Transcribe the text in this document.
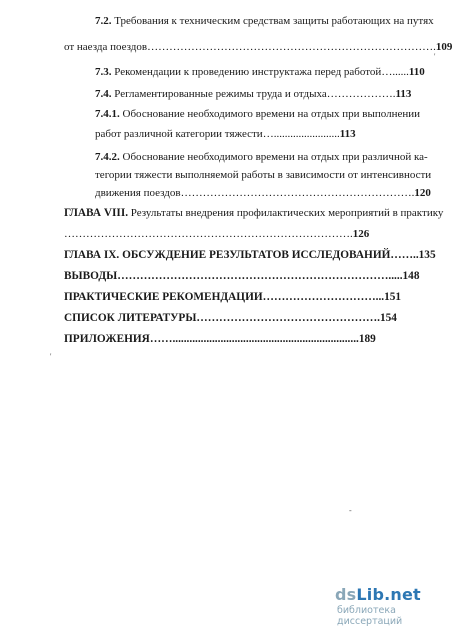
7.2. Требования к техническим средствам защиты работающих на путях
от наезда поездов…………………………………………………………………….109
7.3. Рекомендации к проведению инструктажа перед работой…......110
7.4. Регламентированные режимы труда и отдыха……………….113
7.4.1. Обоснование необходимого времени на отдых при выполнении
работ различной категории тяжести…........................113
7.4.2. Обоснование необходимого времени на отдых при различной ка-
тегории тяжести выполняемой работы в зависимости от интенсивности
движения поездов……………………………………………………….120
ГЛАВА VIII. Результаты внедрения профилактических мероприятий в практику
…………………………………………………………………….126
ГЛАВА IX. ОБСУЖДЕНИЕ РЕЗУЛЬТАТОВ ИССЛЕДОВАНИЙ……..135
ВЫВОДЫ……………………………………………………………….....148
ПРАКТИЧЕСКИЕ РЕКОМЕНДАЦИИ…………………………...151
СПИСОК ЛИТЕРАТУРЫ………………………………………….154
ПРИЛОЖЕНИЯ……..................................................................189
'
'
-
ds Lib.net
библиотека диссертаций
